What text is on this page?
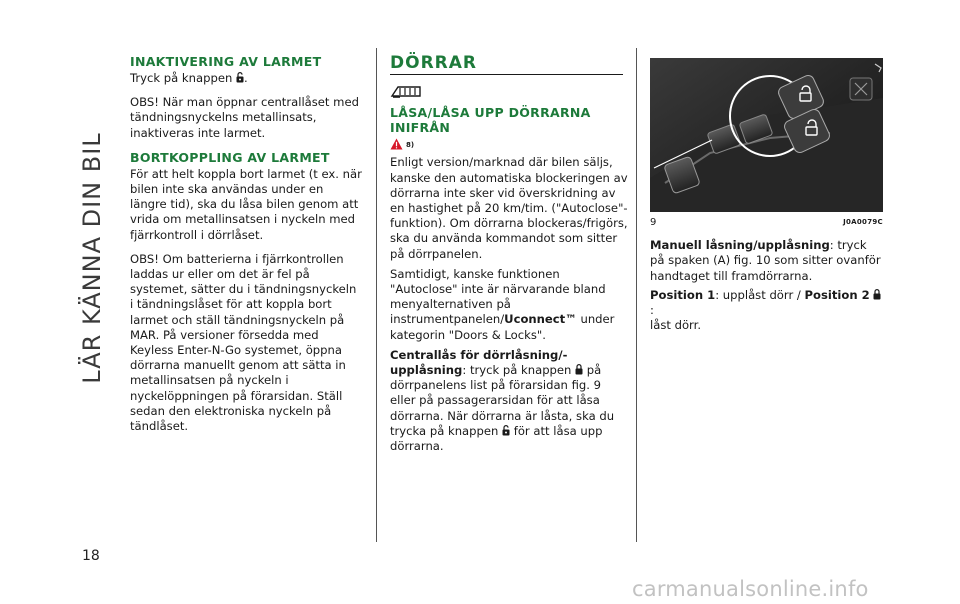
LÄR KÄNNA DIN BIL
18
INAKTIVERING AV LARMET

Tryck på knappen .

OBS! När man öppnar centrallåset med tändningsnyckelns metallinsats, inaktiveras inte larmet.

BORTKOPPLING AV LARMET

För att helt koppla bort larmet (t ex. när bilen inte ska användas under en längre tid), ska du låsa bilen genom att vrida om metallinsatsen i nyckeln med fjärrkontroll i dörrlåset.

OBS! Om batterierna i fjärrkontrollen laddas ur eller om det är fel på systemet, sätter du i tändningsnyckeln i tändningslåset för att koppla bort larmet och ställ tändningsnyckeln på MAR. På versioner försedda med Keyless Enter-N-Go systemet, öppna dörrarna manuellt genom att sätta in metallinsatsen på nyckeln i nyckelöppningen på förarsidan. Ställ sedan den elektroniska nyckeln på tändlåset.

DÖRRAR
LÅSA/LÅSA UPP DÖRRARNA INIFRÅN
8)

Enligt version/marknad där bilen säljs, kanske den automatiska blockeringen av dörrarna inte sker vid överskridning av en hastighet på 20 km/tim. ("Autoclose"-funktion). Om dörrarna blockeras/frigörs, ska du använda kommandot som sitter på dörrpanelen.

Samtidigt, kanske funktionen "Autoclose" inte är närvarande bland menyalternativen på instrumentpanelen/Uconnect™ under kategorin "Doors & Locks".

Centrallås för dörrlåsning/-upplåsning: tryck på knappen på dörrpanelens list på förarsidan fig. 9 eller på passagerarsidan för att låsa dörrarna. När dörrarna är låsta, ska du trycka på knappen för att låsa upp dörrarna.

9	J0A0079C

Manuell låsning/upplåsning: tryck på spaken (A) fig. 10 som sitter ovanför handtaget till framdörrarna.

Position 1: upplåst dörr / Position 2 :
låst dörr.

carmanualsonline.info
